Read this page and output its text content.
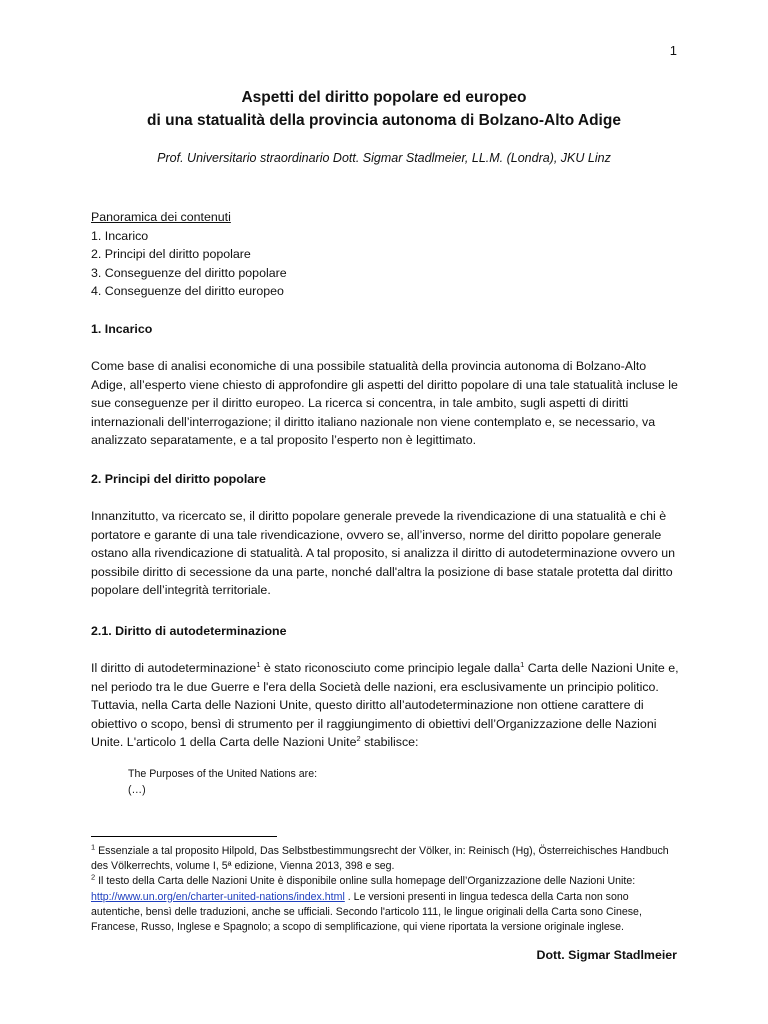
1
Aspetti del diritto popolare ed europeo
di una statualità della provincia autonoma di Bolzano-Alto Adige
Prof. Universitario straordinario Dott. Sigmar Stadlmeier, LL.M. (Londra), JKU Linz
Panoramica dei contenuti
1. Incarico
2. Principi del diritto popolare
3. Conseguenze del diritto popolare
4. Conseguenze del diritto europeo
1. Incarico

Come base di analisi economiche di una possibile statualità della provincia autonoma di Bolzano-Alto Adige, all’esperto viene chiesto di approfondire gli aspetti del diritto popolare di una tale statualità incluse le sue conseguenze per il diritto europeo. La ricerca si concentra, in tale ambito, sugli aspetti di diritti internazionali dell’interrogazione; il diritto italiano nazionale non viene contemplato e, se necessario, va analizzato separatamente, e a tal proposito l’esperto non è legittimato.

2. Principi del diritto popolare

Innanzitutto, va ricercato se, il diritto popolare generale prevede la rivendicazione di una statualità e chi è portatore e garante di una tale rivendicazione, ovvero se, all’inverso, norme del diritto popolare generale ostano alla rivendicazione di statualità. A tal proposito, si analizza il diritto di autodeterminazione ovvero un possibile diritto di secessione da una parte, nonché dall'altra la posizione di base statale protetta dal diritto popolare dell’integrità territoriale.

2.1. Diritto di autodeterminazione

Il diritto di autodeterminazione$^1$ è stato riconosciuto come principio legale dalla$^1$ Carta delle Nazioni Unite e, nel periodo tra le due Guerre e l'era della Società delle nazioni, era esclusivamente un principio politico. Tuttavia, nella Carta delle Nazioni Unite, questo diritto all’autodeterminazione non ottiene carattere di obiettivo o scopo, bensì di strumento per il raggiungimento di obiettivi dell’Organizzazione delle Nazioni Unite. L'articolo 1 della Carta delle Nazioni Unite$^2$ stabilisce:

The Purposes of the United Nations are:
(…)
$^1$ Essenziale a tal proposito Hilpold, Das Selbstbestimmungsrecht der Völker, in: Reinisch (Hg), Österreichisches Handbuch des Völkerrechts, volume I, 5ª edizione, Vienna 2013, 398 e seg.
$^2$ Il testo della Carta delle Nazioni Unite è disponibile online sulla homepage dell’Organizzazione delle Nazioni Unite: http://www.un.org/en/charter-united-nations/index.html . Le versioni presenti in lingua tedesca della Carta non sono autentiche, bensì delle traduzioni, anche se ufficiali. Secondo l'articolo 111, le lingue originali della Carta sono Cinese, Francese, Russo, Inglese e Spagnolo; a scopo di semplificazione, qui viene riportata la versione originale inglese.
Dott. Sigmar Stadlmeier
